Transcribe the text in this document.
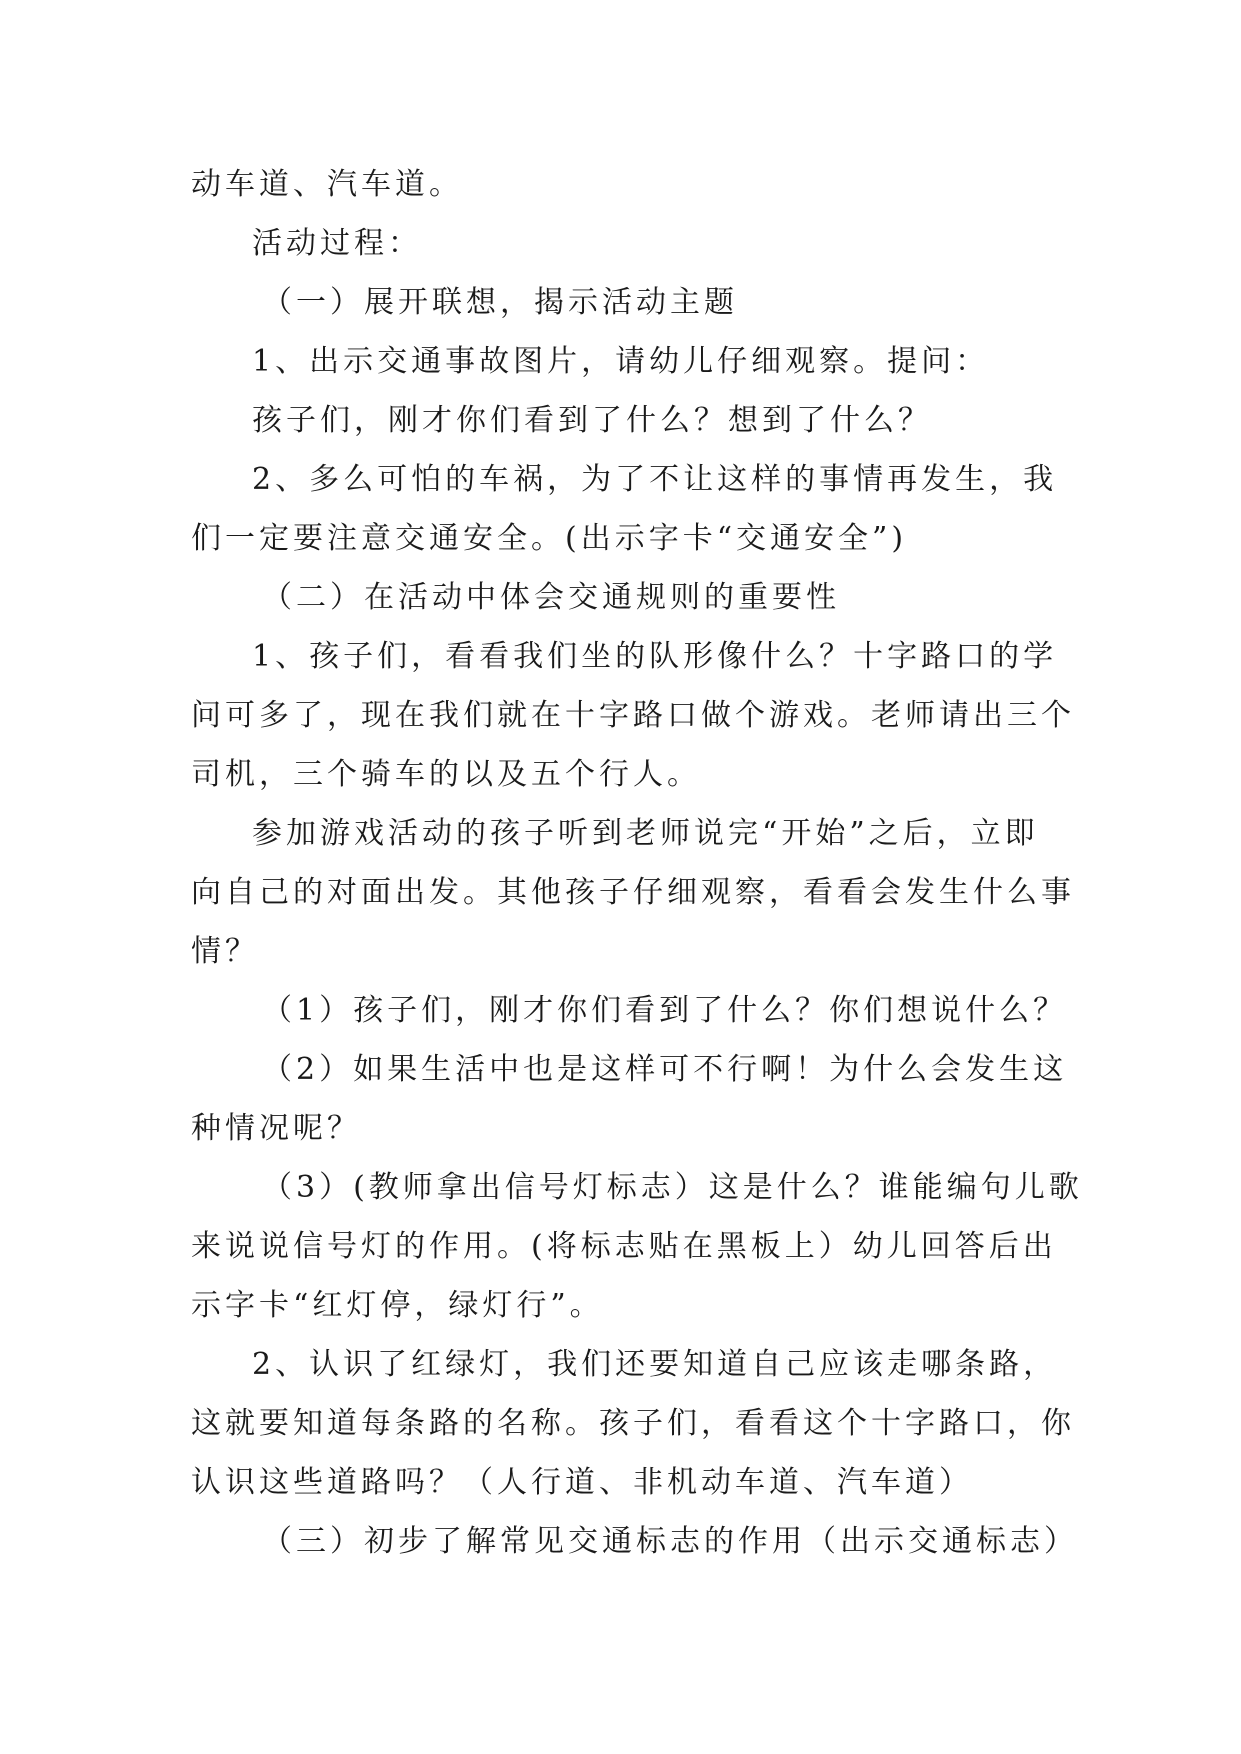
动车道、汽车道。
活动过程：
（一）展开联想，揭示活动主题
1、出示交通事故图片，请幼儿仔细观察。提问：
孩子们，刚才你们看到了什么？想到了什么？
2、多么可怕的车祸，为了不让这样的事情再发生，我
们一定要注意交通安全。(出示字卡“交通安全”)
（二）在活动中体会交通规则的重要性
1、孩子们，看看我们坐的队形像什么？十字路口的学
问可多了，现在我们就在十字路口做个游戏。老师请出三个
司机，三个骑车的以及五个行人。
参加游戏活动的孩子听到老师说完“开始”之后，立即
向自己的对面出发。其他孩子仔细观察，看看会发生什么事
情？
（1）孩子们，刚才你们看到了什么？你们想说什么？
（2）如果生活中也是这样可不行啊！为什么会发生这
种情况呢？
（3）(教师拿出信号灯标志）这是什么？谁能编句儿歌
来说说信号灯的作用。(将标志贴在黑板上）幼儿回答后出
示字卡“红灯停，绿灯行”。
2、认识了红绿灯，我们还要知道自己应该走哪条路，
这就要知道每条路的名称。孩子们，看看这个十字路口，你
认识这些道路吗？（人行道、非机动车道、汽车道）
（三）初步了解常见交通标志的作用（出示交通标志）
